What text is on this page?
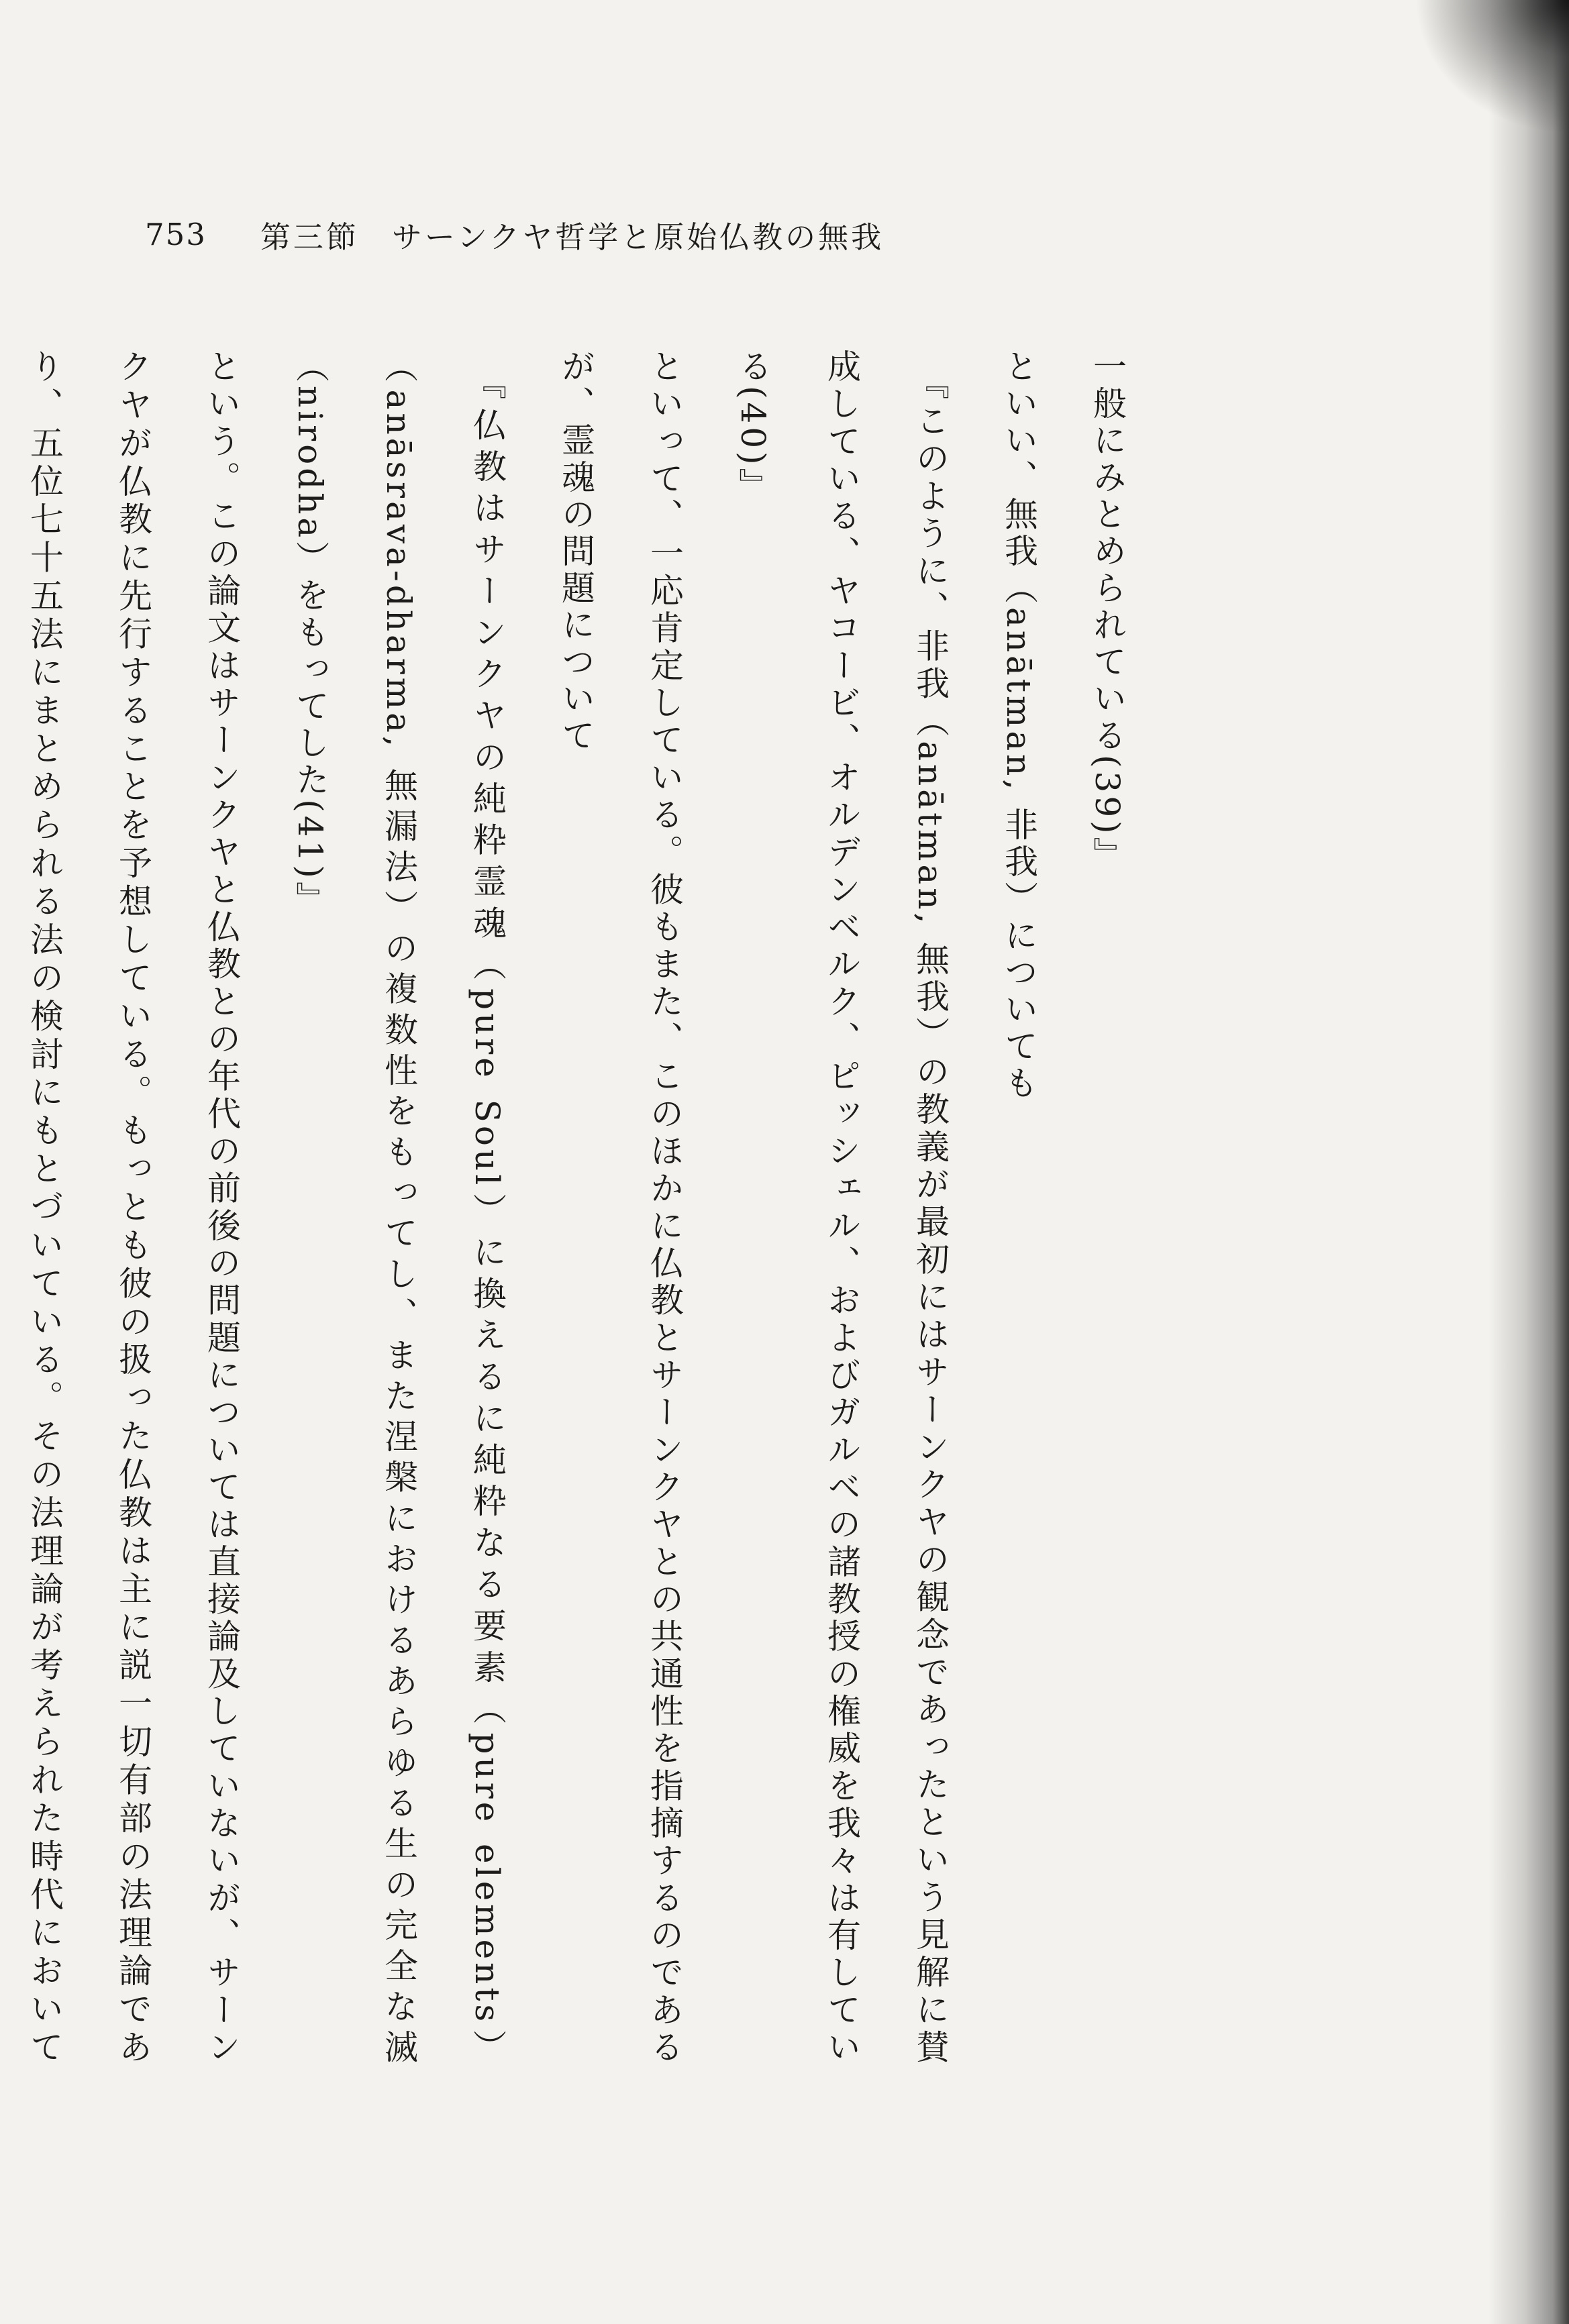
753 第三節　サーンクヤ哲学と原始仏教の無我

一般にみとめられている(39)』

といい、無我（anātman, 非我）についても

『このように、非我（anātman, 無我）の教義が最初にはサーンクヤの観念であったという見解に賛成している、ヤコービ、オルデンベルク、ピッシェル、およびガルベの諸教授の権威を我々は有している(40)』

といって、一応肯定している。彼もまた、このほかに仏教とサーンクヤとの共通性を指摘するのであるが、霊魂の問題について

『仏教はサーンクヤの純粋霊魂（pure Soul）に換えるに純粋なる要素（pure elements）（anāsrava-dharma, 無漏法）の複数性をもってし、また涅槃におけるあらゆる生の完全な滅（nirodha）をもってした(41)』

という。この論文はサーンクヤと仏教との年代の前後の問題については直接論及していないが、サーンクヤが仏教に先行することを予想している。もっとも彼の扱った仏教は主に説一切有部の法理論であり、五位七十五法にまとめられる法の検討にもとづいている。その法理論が考えられた時代において
